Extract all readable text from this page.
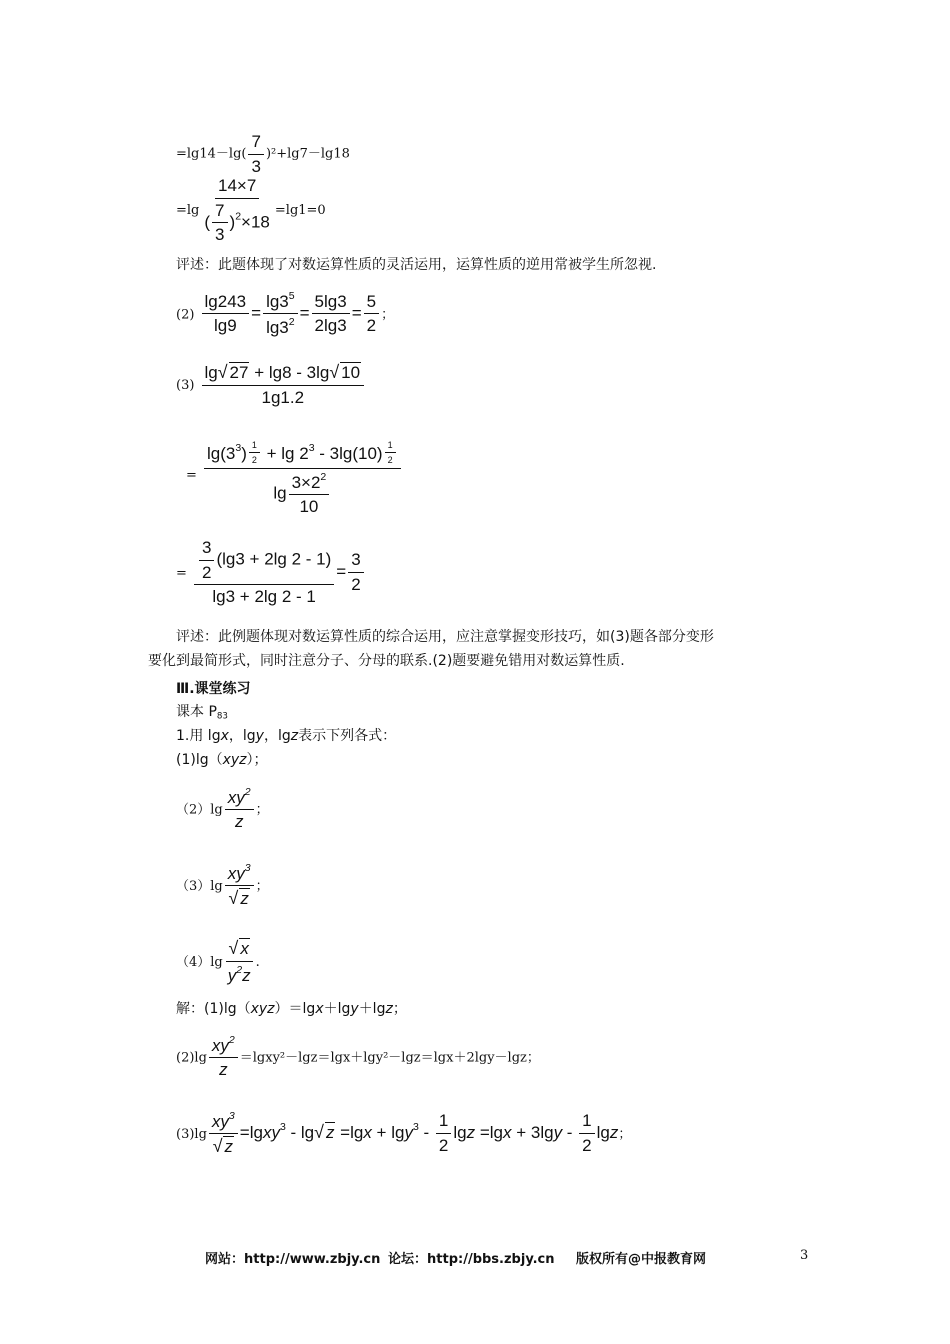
$=\lg 14-\lg( \frac{7}{3} )^2+\lg 7-\lg 18$
$=\lg \frac{14\times 7}{( \frac{7}{3} )^2\times 18} =\lg 1=0$
评述：此题体现了对数运算性质的灵活运用，运算性质的逆用常被学生所忽视.
$(2) \frac{\lg 243}{\lg 9} = \frac{\lg 3^5}{\lg 3^2} = \frac{5\lg 3}{2\lg 3} = \frac{5}{2}$ ；
$(3) \frac{\lg√ 27 + \lg 8 - 3\lg√ 10}{1g1.2}$
= $\frac{\lg(3^3) \frac{1}{2} + \lg 2^3 - 3\lg(10) \frac{1}{2}}{\lg \frac{3\times 2^2}{10}}$
= $\frac{\frac{3}{2} (\lg 3 + 2\lg 2 - 1)}{\lg 3 + 2\lg 2 - 1} = \frac{3}{2}$
评述：此例题体现对数运算性质的综合运用，应注意掌握变形技巧，如(3)题各部分变形
要化到最简形式，同时注意分子、分母的联系.(2)题要避免错用对数运算性质.
Ⅲ.课堂练习
课本 $P_{83}$
1.用 lgx，lgy，lgz表示下列各式：
(1)lg（xyz）；
$(2)\lg \frac{xy^2}{z}$ ；
$(3)\lg \frac{xy^3}{√ z}$ ；
$(4)\lg \frac{√ x}{y^2z}$ .
解：(1)lg（xyz）＝lgx＋lgy＋lgz；
$(2)\lg \frac{xy^2}{z}$ ＝lgxy²－lgz＝lgx＋lgy²－lgz＝lgx＋2lgy－lgz；
$(3)\lg \frac{xy^3}{√ z}$ =lgxy$^3$ - lg√ $z =\lg x + \lg y^3 - \frac{1}{2}$ $\lg z =\lg x + 3\lg y - \frac{1}{2}$ lgz；
网站：http://www.zbjy.cn 论坛：http://bbs.zbjy.cn 版权所有@中报教育网	3
